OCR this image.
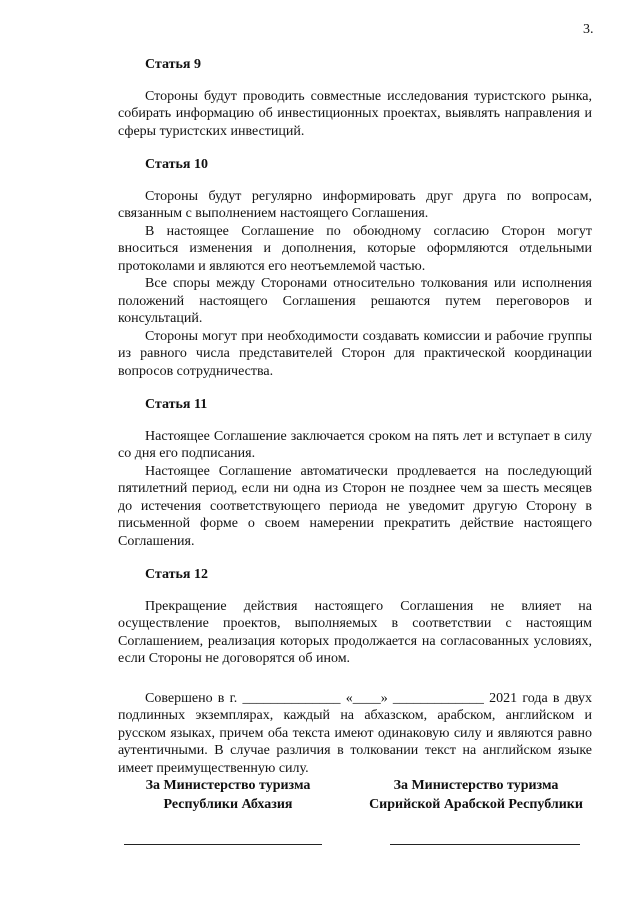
3.

Статья 9

Стороны будут проводить совместные исследования туристского рынка, собирать информацию об инвестиционных проектах, выявлять направления и сферы туристских инвестиций.

Статья 10

Стороны будут регулярно информировать друг друга по вопросам, связанным с выполнением настоящего Соглашения.

В настоящее Соглашение по обоюдному согласию Сторон могут вноситься изменения и дополнения, которые оформляются отдельными протоколами и являются его неотъемлемой частью.

Все споры между Сторонами относительно толкования или исполнения положений настоящего Соглашения решаются путем переговоров и консультаций.

Стороны могут при необходимости создавать комиссии и рабочие группы из равного числа представителей Сторон для практической координации вопросов сотрудничества.

Статья 11

Настоящее Соглашение заключается сроком на пять лет и вступает в силу со дня его подписания.

Настоящее Соглашение автоматически продлевается на последующий пятилетний период, если ни одна из Сторон не позднее чем за шесть месяцев до истечения соответствующего периода не уведомит другую Сторону в письменной форме о своем намерении прекратить действие настоящего Соглашения.

Статья 12

Прекращение действия настоящего Соглашения не влияет на осуществление проектов, выполняемых в соответствии с настоящим Соглашением, реализация которых продолжается на согласованных условиях, если Стороны не договорятся об ином.

Совершено в г. ______________ «____» _____________ 2021 года в двух подлинных экземплярах, каждый на абхазском, арабском, английском и русском языках, причем оба текста имеют одинаковую силу и являются равно аутентичными. В случае различия в толковании текст на английском языке имеет преимущественную силу.

За Министерство туризма
Республики Абхазия
За Министерство туризма
Сирийской Арабской Республики
